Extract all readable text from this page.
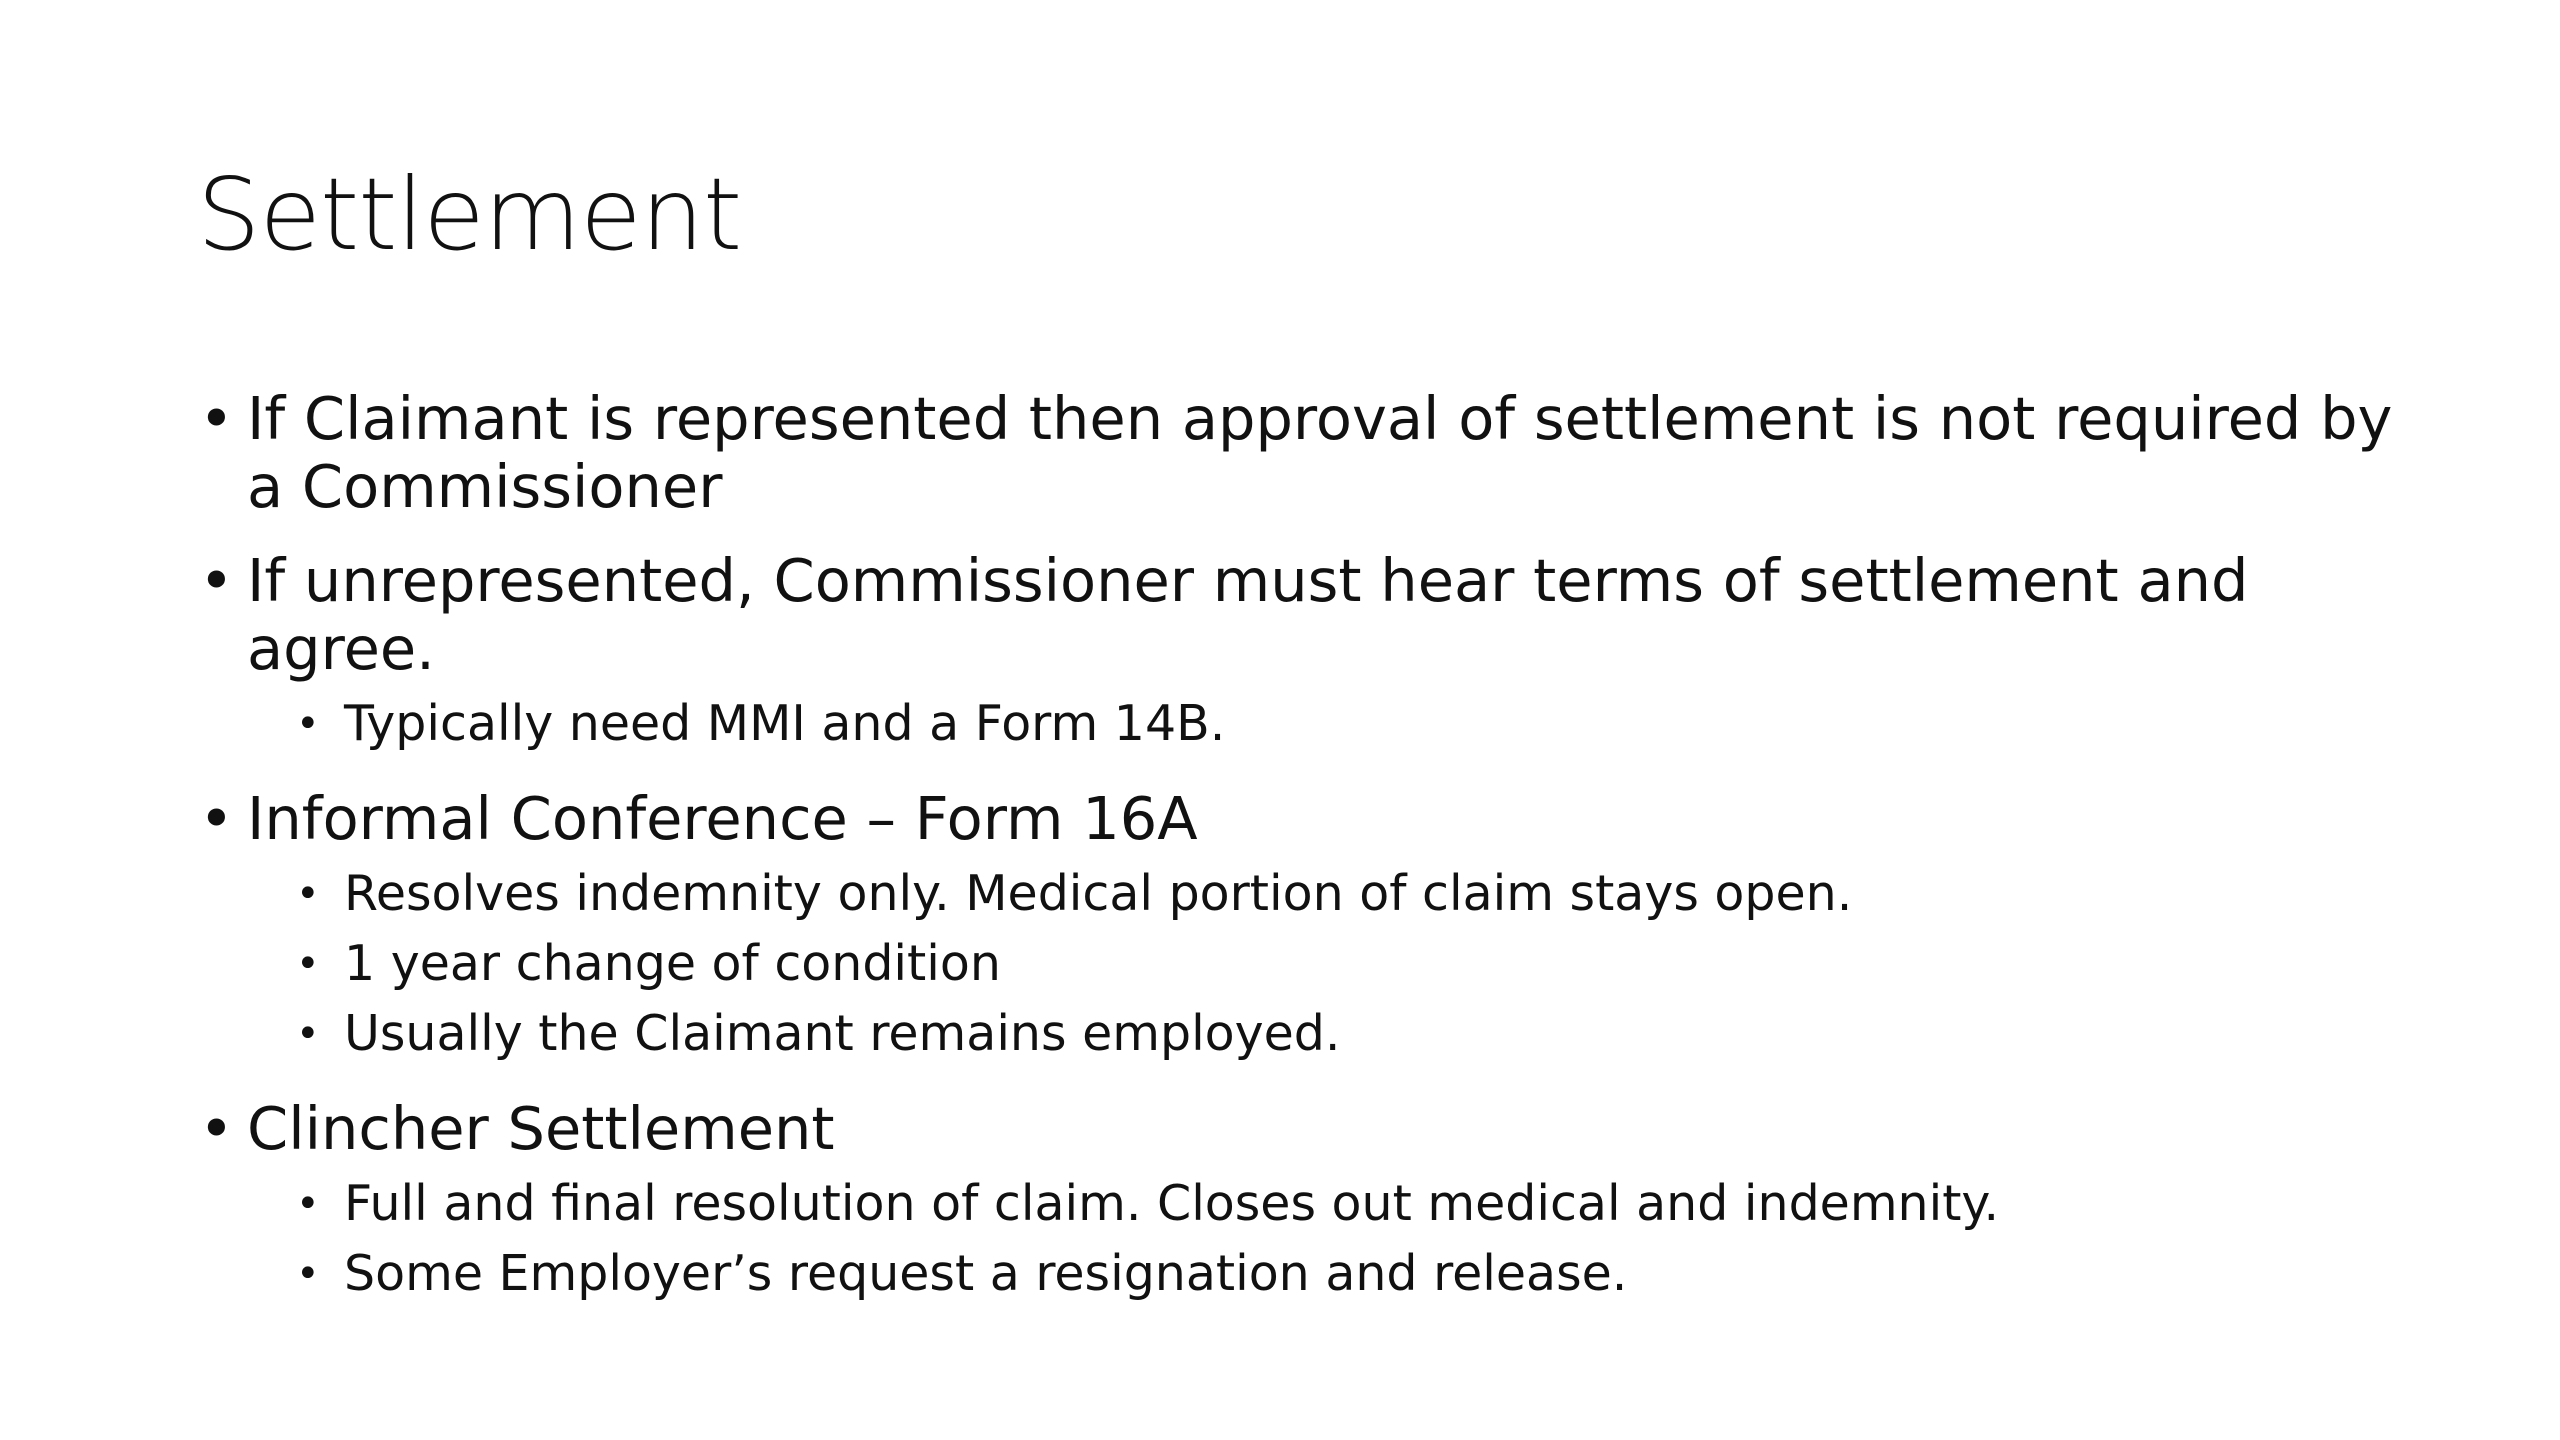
Settlement
• If Claimant is represented then approval of settlement is not required by a Commissioner
• If unrepresented, Commissioner must hear terms of settlement and agree.
• Typically need MMI and a Form 14B.
• Informal Conference – Form 16A
• Resolves indemnity only. Medical portion of claim stays open.
• 1 year change of condition
• Usually the Claimant remains employed.
• Clincher Settlement
• Full and final resolution of claim. Closes out medical and indemnity.
• Some Employer’s request a resignation and release.
